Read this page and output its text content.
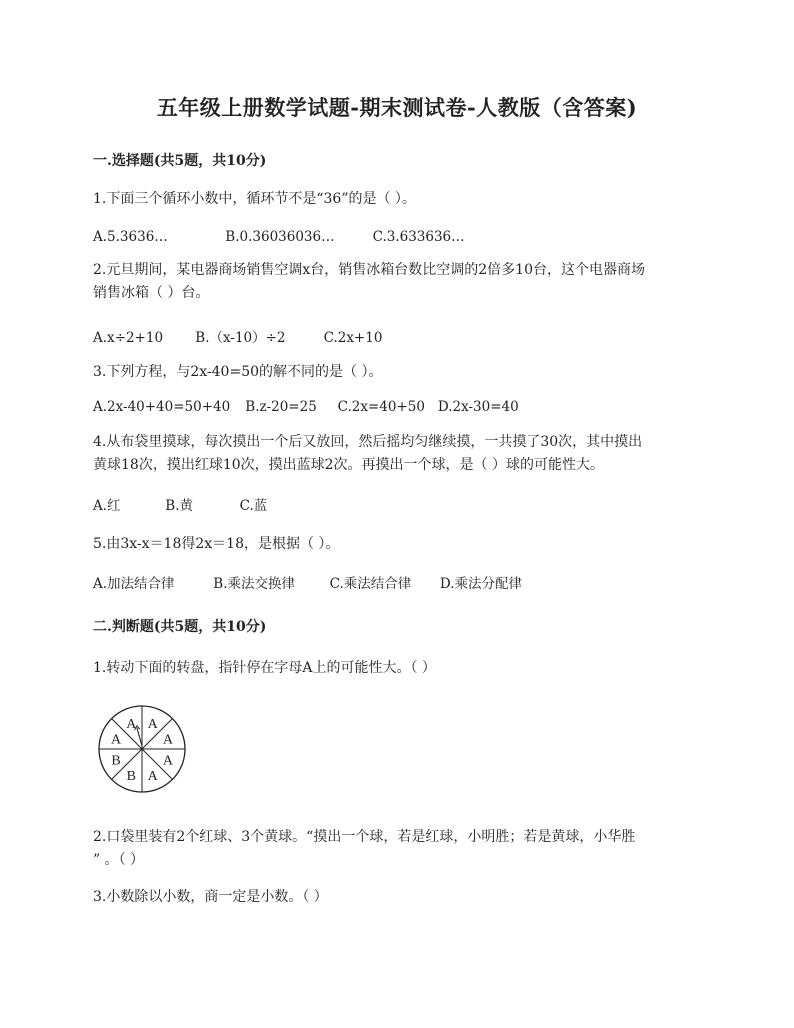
五年级上册数学试题-期末测试卷-人教版（含答案)
一.选择题(共5题，共10分)
1.下面三个循环小数中，循环节不是“36”的是（ ）。
A.5.3636…	B.0.36036036…	C.3.633636…
2.元旦期间，某电器商场销售空调x台，销售冰箱台数比空调的2倍多10台，这个电器商场
销售冰箱（ ）台。
A.x÷2+10 B.（x-10）÷2	C.2x+10
3.下列方程，与2x-40=50的解不同的是（ ）。
A.2x-40+40=50+40 B.z-20=25 C.2x=40+50 D.2x-30=40
4.从布袋里摸球，每次摸出一个后又放回，然后摇均匀继续摸，一共摸了30次，其中摸出
黄球18次，摸出红球10次，摸出蓝球2次。再摸出一个球，是（ ）球的可能性大。
A.红	B.黄	C.蓝
5.由3x-x＝18得2x＝18，是根据（ ）。
A.加法结合律	B.乘法交换律	C.乘法结合律 D.乘法分配律
二.判断题(共5题，共10分)
1.转动下面的转盘，指针停在字母A上的可能性大。（ ）
A A
A
A
A
B
B
A
2.口袋里装有2个红球、3个黄球。“摸出一个球，若是红球，小明胜；若是黄球，小华胜
” 。（ ）
3.小数除以小数，商一定是小数。（ ）
